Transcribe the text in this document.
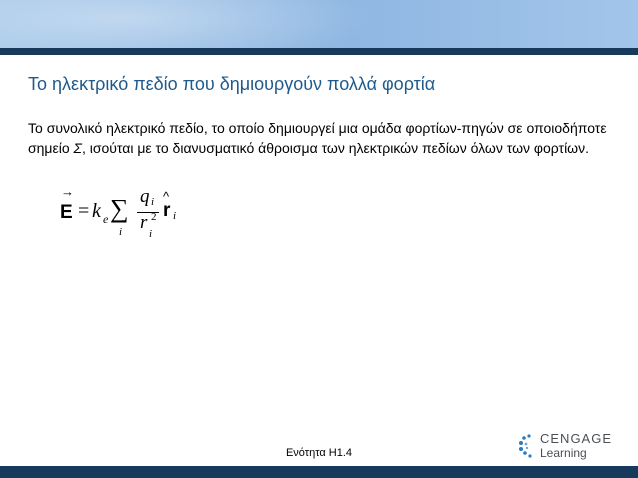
Το ηλεκτρικό πεδίο που δημιουργούν πολλά φορτία
Το συνολικό ηλεκτρικό πεδίο, το οποίο δημιουργεί μια ομάδα φορτίων-πηγών σε οποιοδήποτε σημείο Σ, ισούται με το διανυσματικό άθροισμα των ηλεκτρικών πεδίων όλων των φορτίων.
→
E = k e ∑
i
q i
r 2
i
^
r i
Ενότητα H1.4
CENGAGE
Learning
